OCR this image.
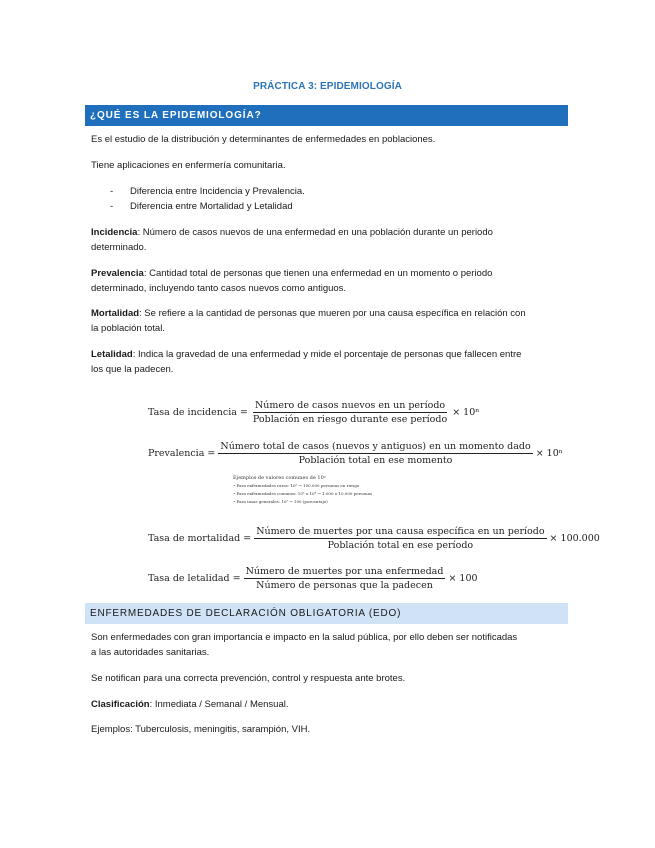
PRÁCTICA 3: EPIDEMIOLOGÍA
¿QUÉ ES LA EPIDEMIOLOGÍA?
Es el estudio de la distribución y determinantes de enfermedades en poblaciones.
Tiene aplicaciones en enfermería comunitaria.
- Diferencia entre Incidencia y Prevalencia.
- Diferencia entre Mortalidad y Letalidad
Incidencia: Número de casos nuevos de una enfermedad en una población durante un periodo
determinado.
Prevalencia: Cantidad total de personas que tienen una enfermedad en un momento o periodo
determinado, incluyendo tanto casos nuevos como antiguos.
Mortalidad: Se refiere a la cantidad de personas que mueren por una causa específica en relación con
la población total.
Letalidad: Indica la gravedad de una enfermedad y mide el porcentaje de personas que fallecen entre
los que la padecen.
Tasa de incidencia = $\frac{\text{Número de casos nuevos en un período}}{\text{Población en riesgo durante ese período}} \times 10^n$
Prevalencia = $\frac{\text{Número total de casos (nuevos y antiguos) en un momento dado}}{\text{Población total en ese momento}} \times 10^n$
Ejemplos de valores comunes de 10ⁿ
• Para enfermedades raras: 10⁵ → 100.000 personas en riesgo
• Para enfermedades comunes: 10³ o 10⁴ → 1.000 o 10.000 personas
• Para tasas generales: 10² → 100 (porcentaje)
Tasa de mortalidad = $\frac{\text{Número de muertes por una causa específica en un período}}{\text{Población total en ese período}} \times 100.000$
Tasa de letalidad = $\frac{\text{Número de muertes por una enfermedad}}{\text{Número de personas que la padecen}} \times 100$
ENFERMEDADES DE DECLARACIÓN OBLIGATORIA (EDO)
Son enfermedades con gran importancia e impacto en la salud pública, por ello deben ser notificadas
a las autoridades sanitarias.
Se notifican para una correcta prevención, control y respuesta ante brotes.
Clasificación: Inmediata / Semanal / Mensual.
Ejemplos: Tuberculosis, meningitis, sarampión, VIH.
